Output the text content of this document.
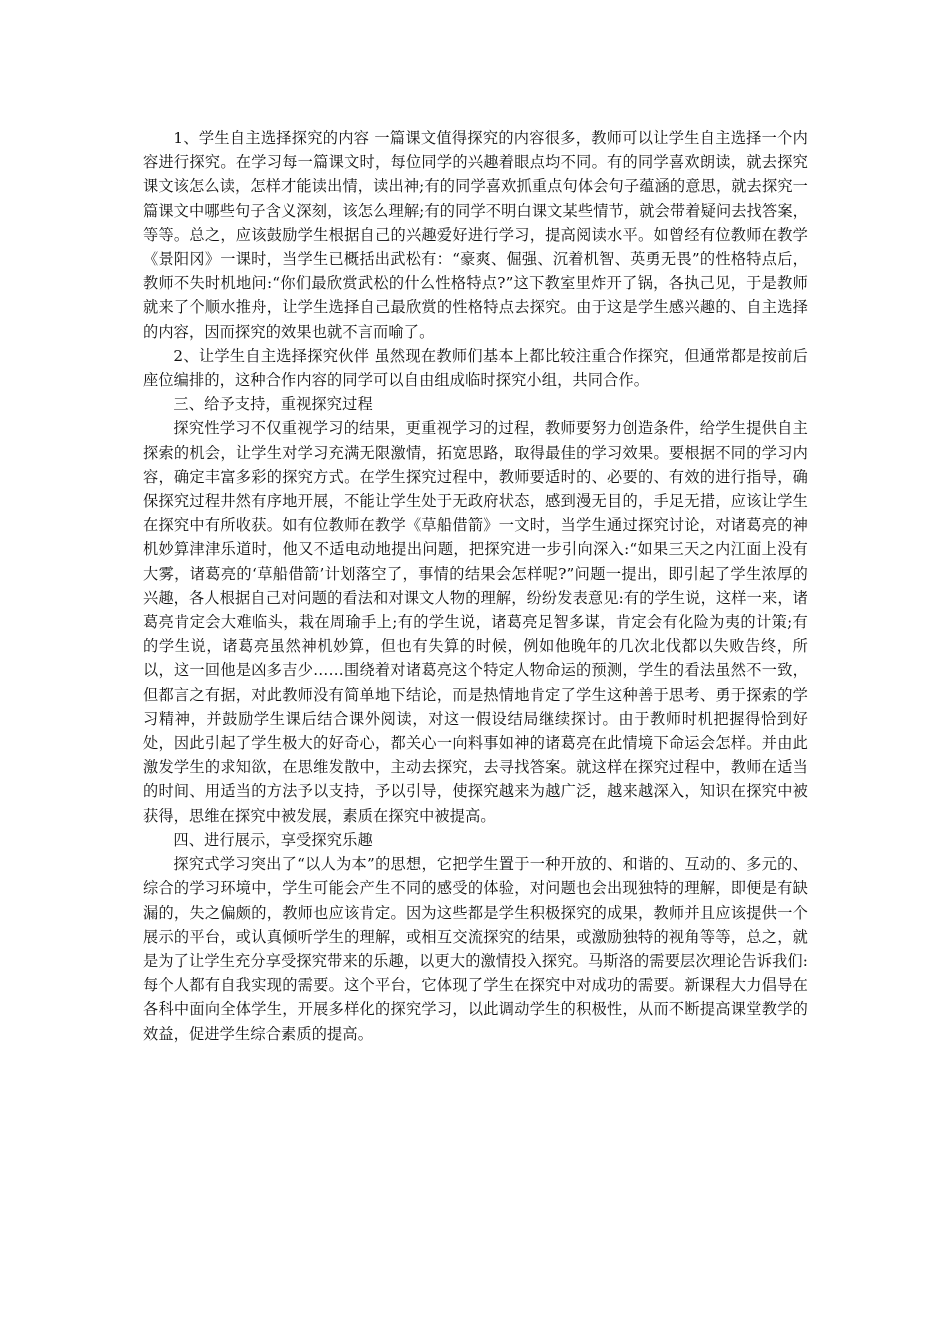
1、学生自主选择探究的内容 一篇课文值得探究的内容很多，教师可以让学生自主选择一个内容进行探究。在学习每一篇课文时，每位同学的兴趣着眼点均不同。有的同学喜欢朗读，就去探究课文该怎么读，怎样才能读出情，读出神;有的同学喜欢抓重点句体会句子蕴涵的意思，就去探究一篇课文中哪些句子含义深刻，该怎么理解;有的同学不明白课文某些情节，就会带着疑问去找答案，等等。总之，应该鼓励学生根据自己的兴趣爱好进行学习，提高阅读水平。如曾经有位教师在教学《景阳冈》一课时，当学生已概括出武松有：“豪爽、倔强、沉着机智、英勇无畏”的性格特点后， 教师不失时机地问:“你们最欣赏武松的什么性格特点?”这下教室里炸开了锅，各执己见，于是教师就来了个顺水推舟，让学生选择自己最欣赏的性格特点去探究。由于这是学生感兴趣的、自主选择的内容，因而探究的效果也就不言而喻了。

2、让学生自主选择探究伙伴 虽然现在教师们基本上都比较注重合作探究，但通常都是按前后座位编排的，这种合作内容的同学可以自由组成临时探究小组，共同合作。

三、给予支持，重视探究过程

探究性学习不仅重视学习的结果，更重视学习的过程，教师要努力创造条件，给学生提供自主探索的机会，让学生对学习充满无限激情，拓宽思路，取得最佳的学习效果。要根据不同的学习内容，确定丰富多彩的探究方式。在学生探究过程中，教师要适时的、必要的、有效的进行指导，确保探究过程井然有序地开展，不能让学生处于无政府状态，感到漫无目的，手足无措，应该让学生在探究中有所收获。如有位教师在教学《草船借箭》一文时，当学生通过探究讨论，对诸葛亮的神机妙算津津乐道时，他又不适电动地提出问题，把探究进一步引向深入:“如果三天之内江面上没有大雾，诸葛亮的‘草船借箭’计划落空了，事情的结果会怎样呢?”问题一提出，即引起了学生浓厚的兴趣，各人根据自己对问题的看法和对课文人物的理解，纷纷发表意见:有的学生说，这样一来，诸葛亮肯定会大难临头，栽在周瑜手上;有的学生说，诸葛亮足智多谋，肯定会有化险为夷的计策;有的学生说，诸葛亮虽然神机妙算，但也有失算的时候，例如他晚年的几次北伐都以失败告终，所以，这一回他是凶多吉少……围绕着对诸葛亮这个特定人物命运的预测，学生的看法虽然不一致，但都言之有据，对此教师没有简单地下结论，而是热情地肯定了学生这种善于思考、勇于探索的学习精神，并鼓励学生课后结合课外阅读，对这一假设结局继续探讨。由于教师时机把握得恰到好处，因此引起了学生极大的好奇心，都关心一向料事如神的诸葛亮在此情境下命运会怎样。并由此激发学生的求知欲，在思维发散中，主动去探究，去寻找答案。就这样在探究过程中，教师在适当的时间、用适当的方法予以支持，予以引导，使探究越来为越广泛，越来越深入，知识在探究中被获得，思维在探究中被发展，素质在探究中被提高。

四、进行展示，享受探究乐趣

探究式学习突出了“以人为本”的思想，它把学生置于一种开放的、和谐的、互动的、多元的、综合的学习环境中，学生可能会产生不同的感受的体验，对问题也会出现独特的理解，即便是有缺漏的，失之偏颇的，教师也应该肯定。因为这些都是学生积极探究的成果，教师并且应该提供一个展示的平台，或认真倾听学生的理解，或相互交流探究的结果，或激励独特的视角等等，总之，就是为了让学生充分享受探究带来的乐趣，以更大的激情投入探究。马斯洛的需要层次理论告诉我们:每个人都有自我实现的需要。这个平台，它体现了学生在探究中对成功的需要。新课程大力倡导在各科中面向全体学生，开展多样化的探究学习，以此调动学生的积极性，从而不断提高课堂教学的效益，促进学生综合素质的提高。
